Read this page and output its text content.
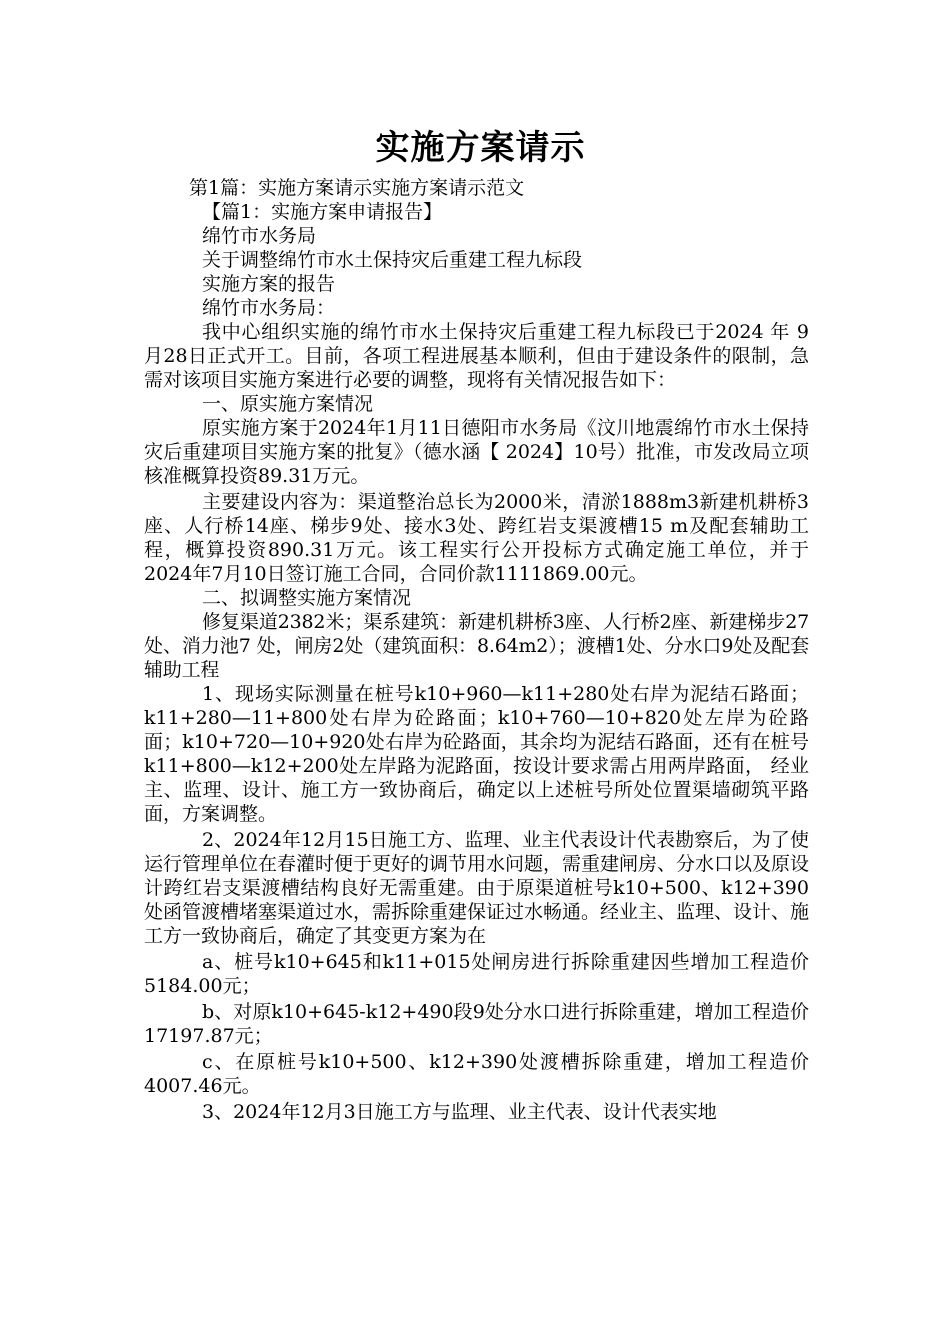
实施方案请示

第1篇：实施方案请示实施方案请示范文

【篇1：实施方案申请报告】

绵竹市水务局

关于调整绵竹市水土保持灾后重建工程九标段

实施方案的报告

绵竹市水务局：

我中心组织实施的绵竹市水土保持灾后重建工程九标段已于2024 年 9 月28日正式开工。目前，各项工程进展基本顺利，但由于建设条件的限制，急需对该项目实施方案进行必要的调整，现将有关情况报告如下：

一、原实施方案情况

原实施方案于2024年1月11日德阳市水务局《汶川地震绵竹市水土保持灾后重建项目实施方案的批复》（德水涵【 2024】10号）批准，市发改局立项核准概算投资89.31万元。

主要建设内容为：渠道整治总长为2000米，清淤1888m3新建机耕桥3座、人行桥14座、梯步9处、接水3处、跨红岩支渠渡槽15 m及配套辅助工程，概算投资890.31万元。该工程实行公开投标方式确定施工单位，并于2024年7月10日签订施工合同，合同价款1111869.00元。

二、拟调整实施方案情况

修复渠道2382米；渠系建筑：新建机耕桥3座、人行桥2座、新建梯步27处、消力池7 处，闸房2处（建筑面积：8.64m2）；渡槽1处、分水口9处及配套辅助工程

1、现场实际测量在桩号k10+960—k11+280处右岸为泥结石路面； k11+280—11+800处右岸为砼路面；k10+760—10+820处左岸为砼路面；k10+720—10+920处右岸为砼路面，其余均为泥结石路面，还有在桩号k11+800—k12+200处左岸路为泥路面，按设计要求需占用两岸路面， 经业主、监理、设计、施工方一致协商后，确定以上述桩号所处位置渠墙砌筑平路面，方案调整。

2、2024年12月15日施工方、监理、业主代表设计代表勘察后，为了使运行管理单位在春灌时便于更好的调节用水问题，需重建闸房、分水口以及原设计跨红岩支渠渡槽结构良好无需重建。由于原渠道桩号k10+500、k12+390处函管渡槽堵塞渠道过水，需拆除重建保证过水畅通。经业主、监理、设计、施工方一致协商后，确定了其变更方案为在

a、桩号k10+645和k11+015处闸房进行拆除重建因些增加工程造价5184.00元；

b、对原k10+645-k12+490段9处分水口进行拆除重建，增加工程造价17197.87元；

c、在原桩号k10+500、k12+390处渡槽拆除重建，增加工程造价4007.46元。

3、2024年12月3日施工方与监理、业主代表、设计代表实地
